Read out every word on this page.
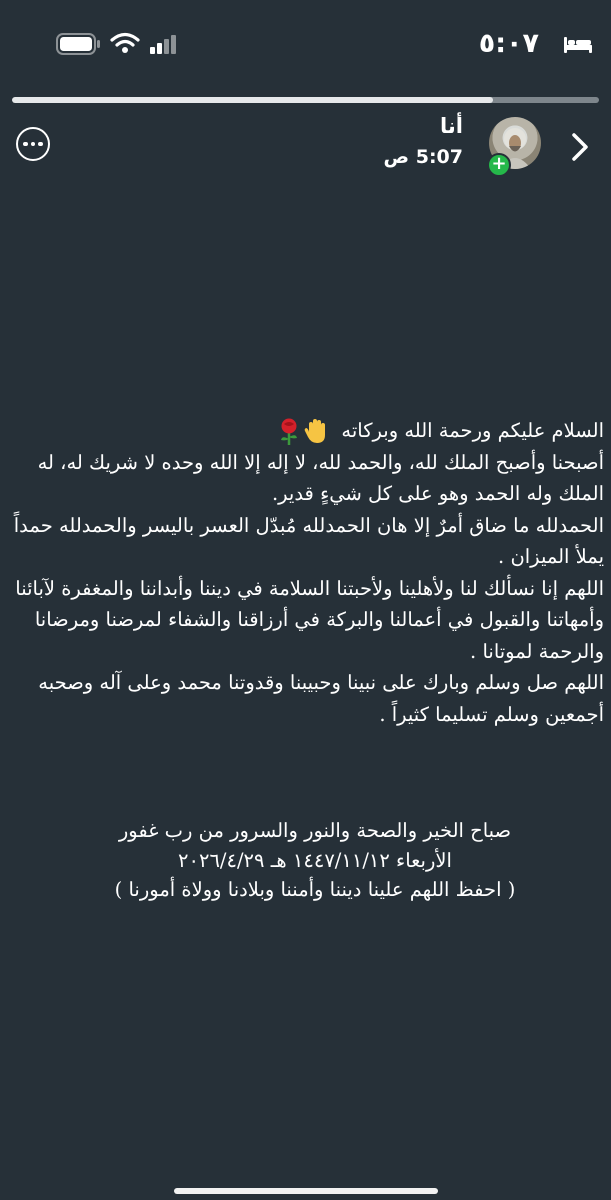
٥:٠٧
+
أنا
5:07 ص

السلام عليكم ورحمة الله وبركاته

أصبحنا وأصبح الملك لله، والحمد لله، لا إله إلا الله وحده لا شريك له، له الملك وله الحمد وهو على كل شيءٍ قدير.

الحمدلله ما ضاق أمرٌ إلا هان الحمدلله مُبدّل العسر باليسر والحمدلله حمداً يملأ الميزان .

اللهم إنا نسألك لنا ولأهلينا ولأحبتنا السلامة في ديننا وأبداننا والمغفرة لآبائنا وأمهاتنا والقبول في أعمالنا والبركة في أرزاقنا والشفاء لمرضنا ومرضانا والرحمة لموتانا .

اللهم صل وسلم وبارك على نبينا وحبيبنا وقدوتنا محمد وعلى آله وصحبه أجمعين وسلم تسليما كثيراً .

صباح الخير والصحة والنور والسرور من رب غفور

الأربعاء ١٤٤٧/١١/١٢ هـ ٢٠٢٦/٤/٢٩

( احفظ اللهم علينا ديننا وأمننا وبلادنا وولاة أمورنا )
